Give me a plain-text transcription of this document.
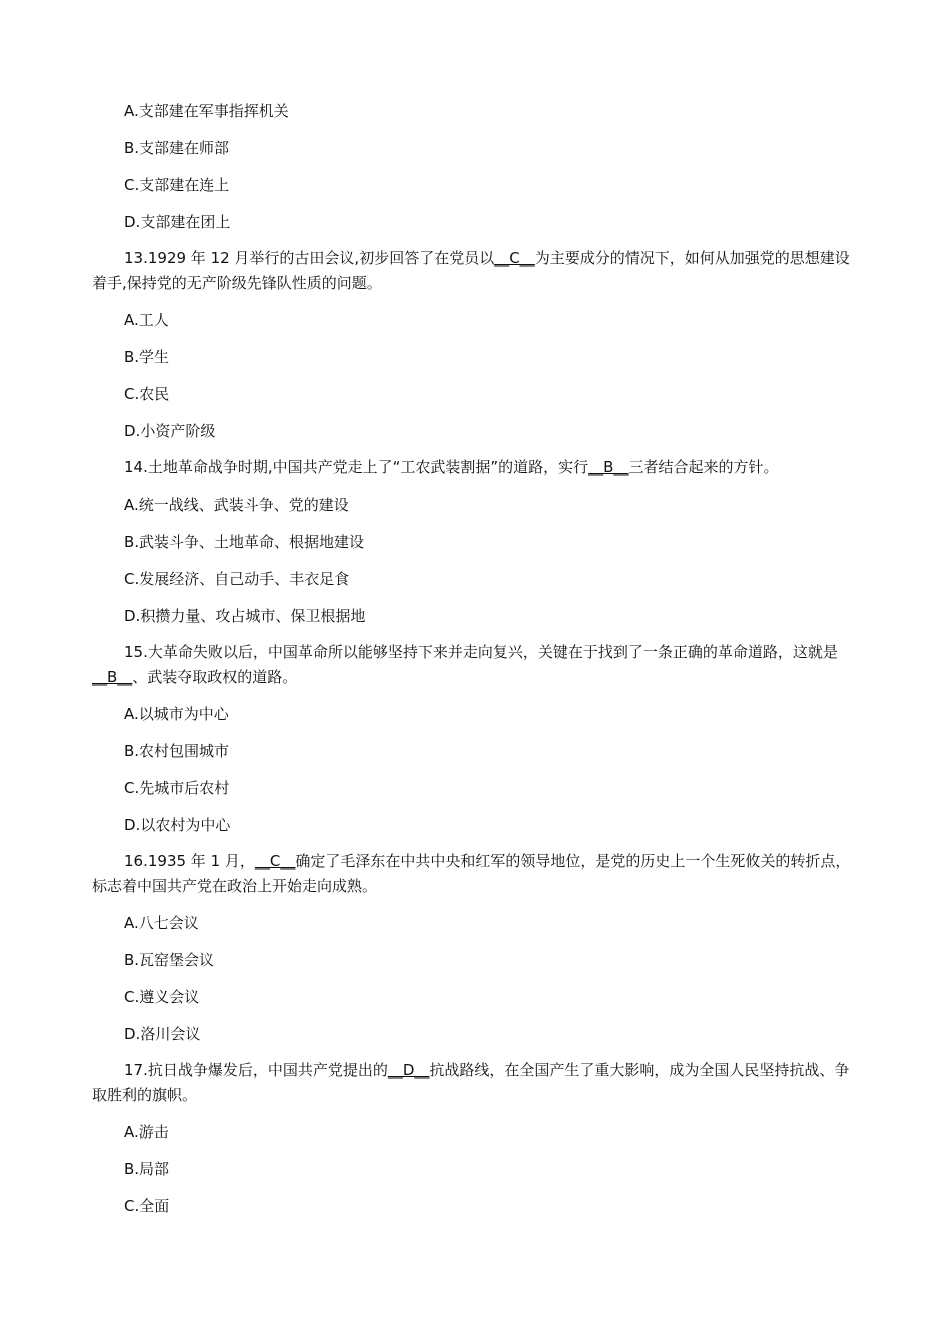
A.支部建在军事指挥机关
B.支部建在师部
C.支部建在连上
D.支部建在团上
13.1929 年 12 月举行的古田会议,初步回答了在党员以__C__为主要成分的情况下，如何从加强党的思想建设着手,保持党的无产阶级先锋队性质的问题。
A.工人
B.学生
C.农民
D.小资产阶级
14.土地革命战争时期,中国共产党走上了“工农武装割据”的道路，实行__B__三者结合起来的方针。
A.统一战线、武装斗争、党的建设
B.武装斗争、土地革命、根据地建设
C.发展经济、自己动手、丰衣足食
D.积攒力量、攻占城市、保卫根据地
15.大革命失败以后，中国革命所以能够坚持下来并走向复兴，关键在于找到了一条正确的革命道路，这就是__B__、武装夺取政权的道路。
A.以城市为中心
B.农村包围城市
C.先城市后农村
D.以农村为中心
16.1935 年 1 月，__C__确定了毛泽东在中共中央和红军的领导地位，是党的历史上一个生死攸关的转折点，标志着中国共产党在政治上开始走向成熟。
A.八七会议
B.瓦窑堡会议
C.遵义会议
D.洛川会议
17.抗日战争爆发后，中国共产党提出的__D__抗战路线，在全国产生了重大影响，成为全国人民坚持抗战、争取胜利的旗帜。
A.游击
B.局部
C.全面
